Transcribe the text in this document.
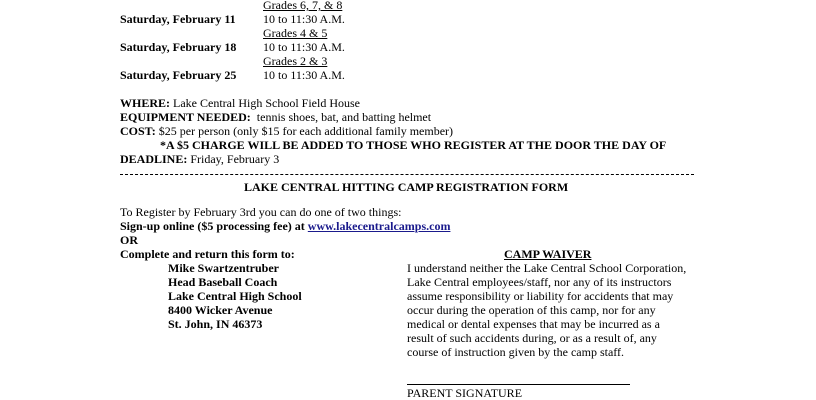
Grades 6, 7, & 8
Saturday, February 11 10 to 11:30 A.M.
Grades 4 & 5
Saturday, February 18 10 to 11:30 A.M.
Grades 2 & 3
Saturday, February 25 10 to 11:30 A.M.
WHERE: Lake Central High School Field House
EQUIPMENT NEEDED: tennis shoes, bat, and batting helmet
COST: $25 per person (only $15 for each additional family member)
*A $5 CHARGE WILL BE ADDED TO THOSE WHO REGISTER AT THE DOOR THE DAY OF
DEADLINE: Friday, February 3
LAKE CENTRAL HITTING CAMP REGISTRATION FORM
To Register by February 3rd you can do one of two things:
Sign-up online ($5 processing fee) at www.lakecentralcamps.com
OR
Complete and return this form to:
Mike Swartzentruber
Head Baseball Coach
Lake Central High School
8400 Wicker Avenue
St. John, IN 46373
CAMP WAIVER
I understand neither the Lake Central School Corporation,
Lake Central employees/staff, nor any of its instructors
assume responsibility or liability for accidents that may
occur during the operation of this camp, nor for any
medical or dental expenses that may be incurred as a
result of such accidents during, or as a result of, any
course of instruction given by the camp staff.
PARENT SIGNATURE
